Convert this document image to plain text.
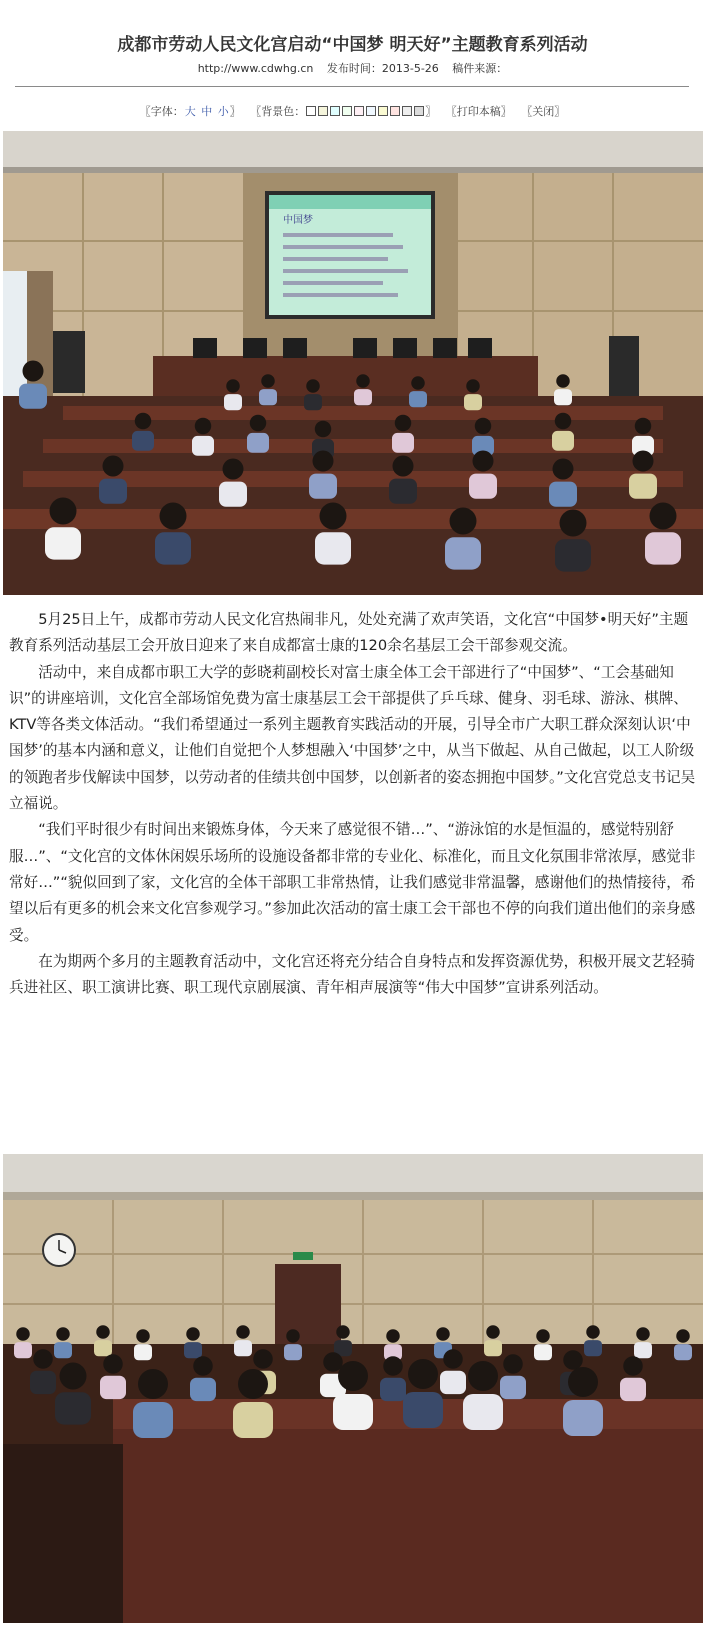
成都市劳动人民文化宫启动“中国梦 明天好”主题教育系列活动
http://www.cdwhg.cn 发布时间：2013-5-26 稿件来源：
〖字体：大 中 小〗 〖背景色：	〗 〖打印本稿〗 〖关闭〗
中国梦

5月25日上午，成都市劳动人民文化宫热闹非凡，处处充满了欢声笑语，文化宫“中国梦•明天好”主题教育系列活动基层工会开放日迎来了来自成都富士康的120余名基层工会干部参观交流。

活动中，来自成都市职工大学的彭晓莉副校长对富士康全体工会干部进行了“中国梦”、“工会基础知识”的讲座培训，文化宫全部场馆免费为富士康基层工会干部提供了乒乓球、健身、羽毛球、游泳、棋牌、KTV等各类文体活动。“我们希望通过一系列主题教育实践活动的开展，引导全市广大职工群众深刻认识‘中国梦’的基本内涵和意义，让他们自觉把个人梦想融入‘中国梦’之中，从当下做起、从自己做起，以工人阶级的领跑者步伐解读中国梦，以劳动者的佳绩共创中国梦，以创新者的姿态拥抱中国梦。”文化宫党总支书记吴立福说。

“我们平时很少有时间出来锻炼身体，今天来了感觉很不错…”、“游泳馆的水是恒温的，感觉特别舒服…”、“文化宫的文体休闲娱乐场所的设施设备都非常的专业化、标准化，而且文化氛围非常浓厚，感觉非常好…”“貌似回到了家，文化宫的全体干部职工非常热情，让我们感觉非常温馨，感谢他们的热情接待，希望以后有更多的机会来文化宫参观学习。”参加此次活动的富士康工会干部也不停的向我们道出他们的亲身感受。

在为期两个多月的主题教育活动中，文化宫还将充分结合自身特点和发挥资源优势，积极开展文艺轻骑兵进社区、职工演讲比赛、职工现代京剧展演、青年相声展演等“伟大中国梦”宣讲系列活动。
